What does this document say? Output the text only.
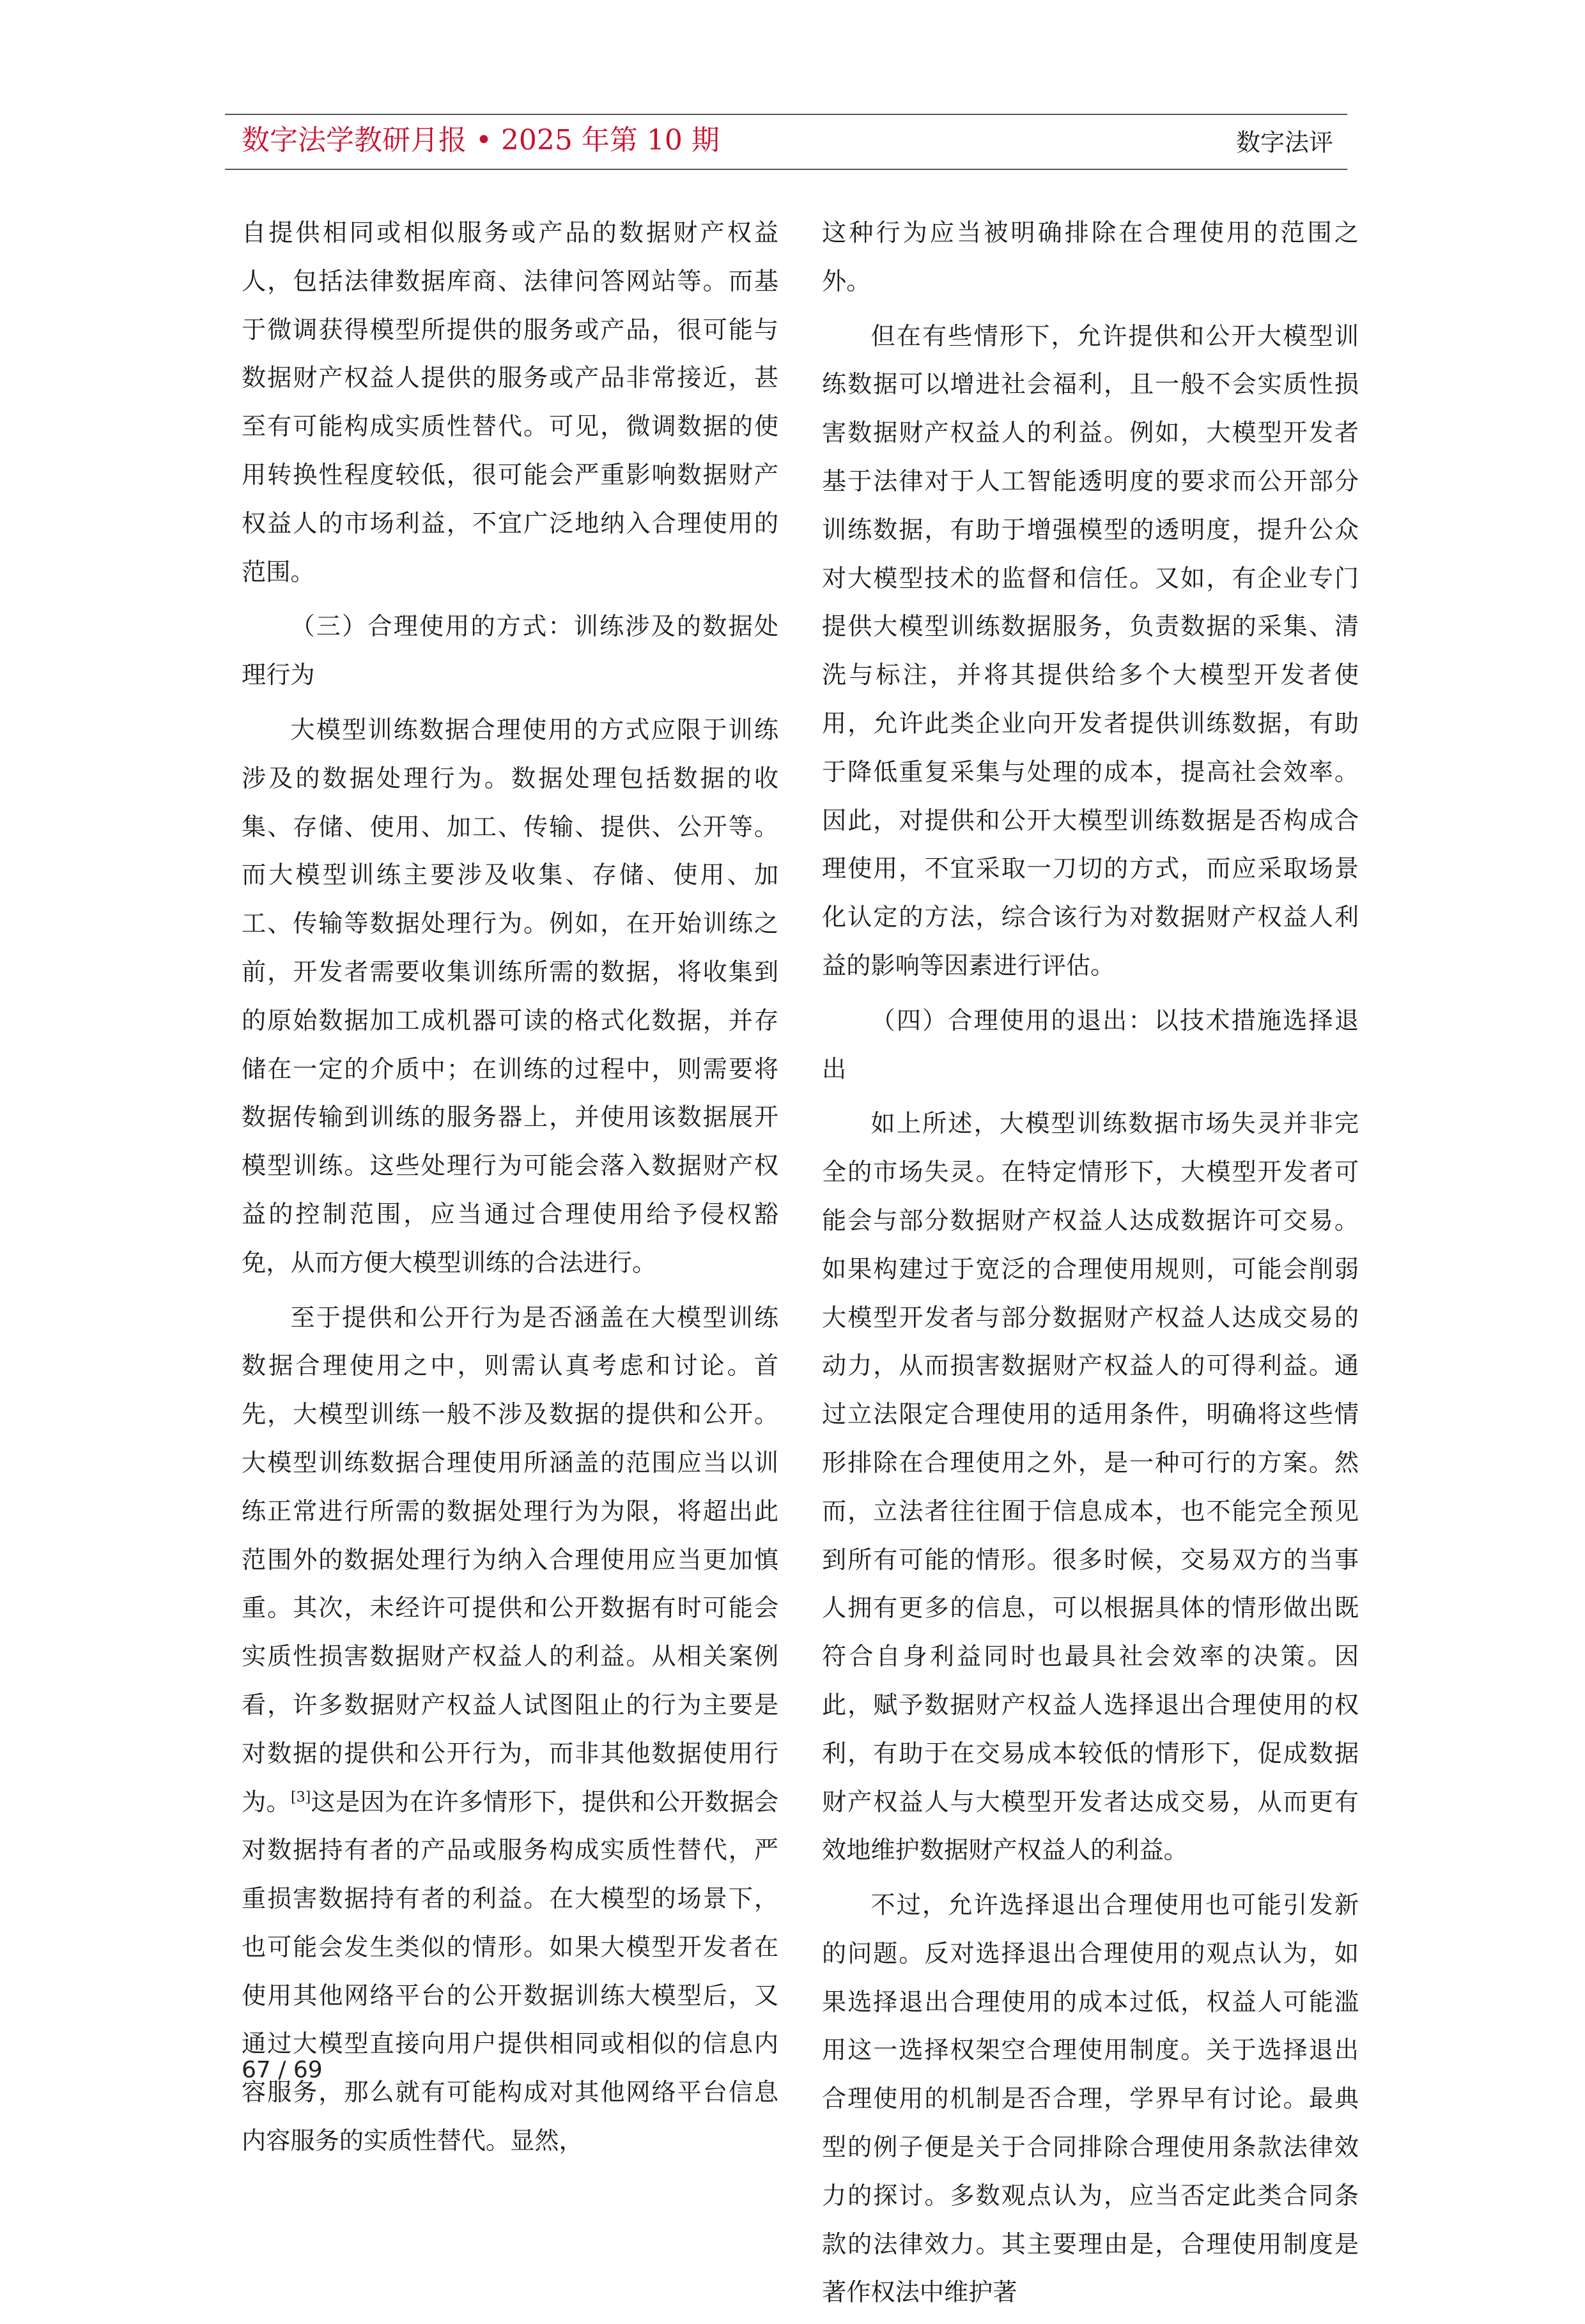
数字法学教研月报 • 2025 年第 10 期	数字法评

自提供相同或相似服务或产品的数据财产权益人，包括法律数据库商、法律问答网站等。而基于微调获得模型所提供的服务或产品，很可能与数据财产权益人提供的服务或产品非常接近，甚至有可能构成实质性替代。可见，微调数据的使用转换性程度较低，很可能会严重影响数据财产权益人的市场利益，不宜广泛地纳入合理使用的范围。

（三）合理使用的方式：训练涉及的数据处理行为

大模型训练数据合理使用的方式应限于训练涉及的数据处理行为。数据处理包括数据的收集、存储、使用、加工、传输、提供、公开等。而大模型训练主要涉及收集、存储、使用、加工、传输等数据处理行为。例如，在开始训练之前，开发者需要收集训练所需的数据，将收集到的原始数据加工成机器可读的格式化数据，并存储在一定的介质中；在训练的过程中，则需要将数据传输到训练的服务器上，并使用该数据展开模型训练。这些处理行为可能会落入数据财产权益的控制范围，应当通过合理使用给予侵权豁免，从而方便大模型训练的合法进行。

至于提供和公开行为是否涵盖在大模型训练数据合理使用之中，则需认真考虑和讨论。首先，大模型训练一般不涉及数据的提供和公开。大模型训练数据合理使用所涵盖的范围应当以训练正常进行所需的数据处理行为为限，将超出此范围外的数据处理行为纳入合理使用应当更加慎重。其次，未经许可提供和公开数据有时可能会实质性损害数据财产权益人的利益。从相关案例看，许多数据财产权益人试图阻止的行为主要是对数据的提供和公开行为，而非其他数据使用行为。[3]这是因为在许多情形下，提供和公开数据会对数据持有者的产品或服务构成实质性替代，严重损害数据持有者的利益。在大模型的场景下，也可能会发生类似的情形。如果大模型开发者在使用其他网络平台的公开数据训练大模型后，又通过大模型直接向用户提供相同或相似的信息内容服务，那么就有可能构成对其他网络平台信息内容服务的实质性替代。显然，

这种行为应当被明确排除在合理使用的范围之外。

但在有些情形下，允许提供和公开大模型训练数据可以增进社会福利，且一般不会实质性损害数据财产权益人的利益。例如，大模型开发者基于法律对于人工智能透明度的要求而公开部分训练数据，有助于增强模型的透明度，提升公众对大模型技术的监督和信任。又如，有企业专门提供大模型训练数据服务，负责数据的采集、清洗与标注，并将其提供给多个大模型开发者使用，允许此类企业向开发者提供训练数据，有助于降低重复采集与处理的成本，提高社会效率。因此，对提供和公开大模型训练数据是否构成合理使用，不宜采取一刀切的方式，而应采取场景化认定的方法，综合该行为对数据财产权益人利益的影响等因素进行评估。

（四）合理使用的退出：以技术措施选择退出

如上所述，大模型训练数据市场失灵并非完全的市场失灵。在特定情形下，大模型开发者可能会与部分数据财产权益人达成数据许可交易。如果构建过于宽泛的合理使用规则，可能会削弱大模型开发者与部分数据财产权益人达成交易的动力，从而损害数据财产权益人的可得利益。通过立法限定合理使用的适用条件，明确将这些情形排除在合理使用之外，是一种可行的方案。然而，立法者往往囿于信息成本，也不能完全预见到所有可能的情形。很多时候，交易双方的当事人拥有更多的信息，可以根据具体的情形做出既符合自身利益同时也最具社会效率的决策。因此，赋予数据财产权益人选择退出合理使用的权利，有助于在交易成本较低的情形下，促成数据财产权益人与大模型开发者达成交易，从而更有效地维护数据财产权益人的利益。

不过，允许选择退出合理使用也可能引发新的问题。反对选择退出合理使用的观点认为，如果选择退出合理使用的成本过低，权益人可能滥用这一选择权架空合理使用制度。关于选择退出合理使用的机制是否合理，学界早有讨论。最典型的例子便是关于合同排除合理使用条款法律效力的探讨。多数观点认为，应当否定此类合同条款的法律效力。其主要理由是，合理使用制度是著作权法中维护著

67 / 69
